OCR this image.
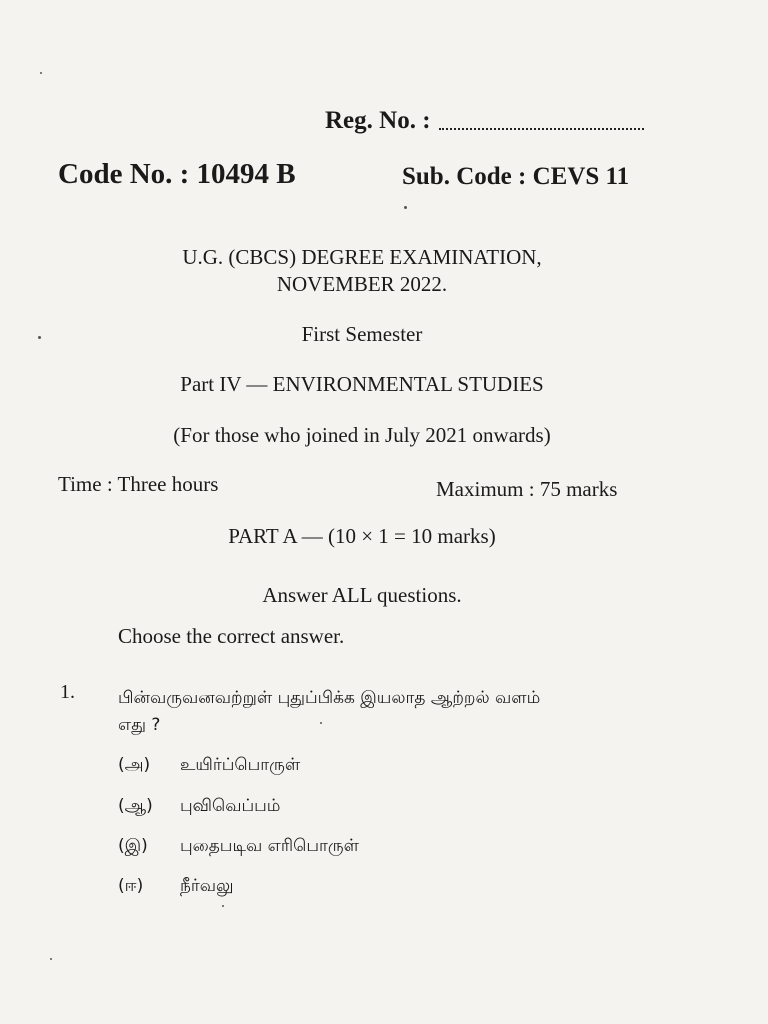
Reg. No. :
Code No. : 10494 B	Sub. Code : CEVS 11
U.G. (CBCS) DEGREE EXAMINATION,
NOVEMBER 2022.
First Semester
Part IV — ENVIRONMENTAL STUDIES
(For those who joined in July 2021 onwards)
Time : Three hours	Maximum : 75 marks
PART A — (10 × 1 = 10 marks)
Answer ALL questions.
Choose the correct answer.
1.	பின்வருவனவற்றுள் புதுப்பிக்க இயலாத ஆற்றல் வளம்
எது ?
(அ) உயிர்ப்பொருள்
(ஆ) புவிவெப்பம்
(இ) புதைபடிவ எரிபொருள்
(ஈ) நீர்வலு
